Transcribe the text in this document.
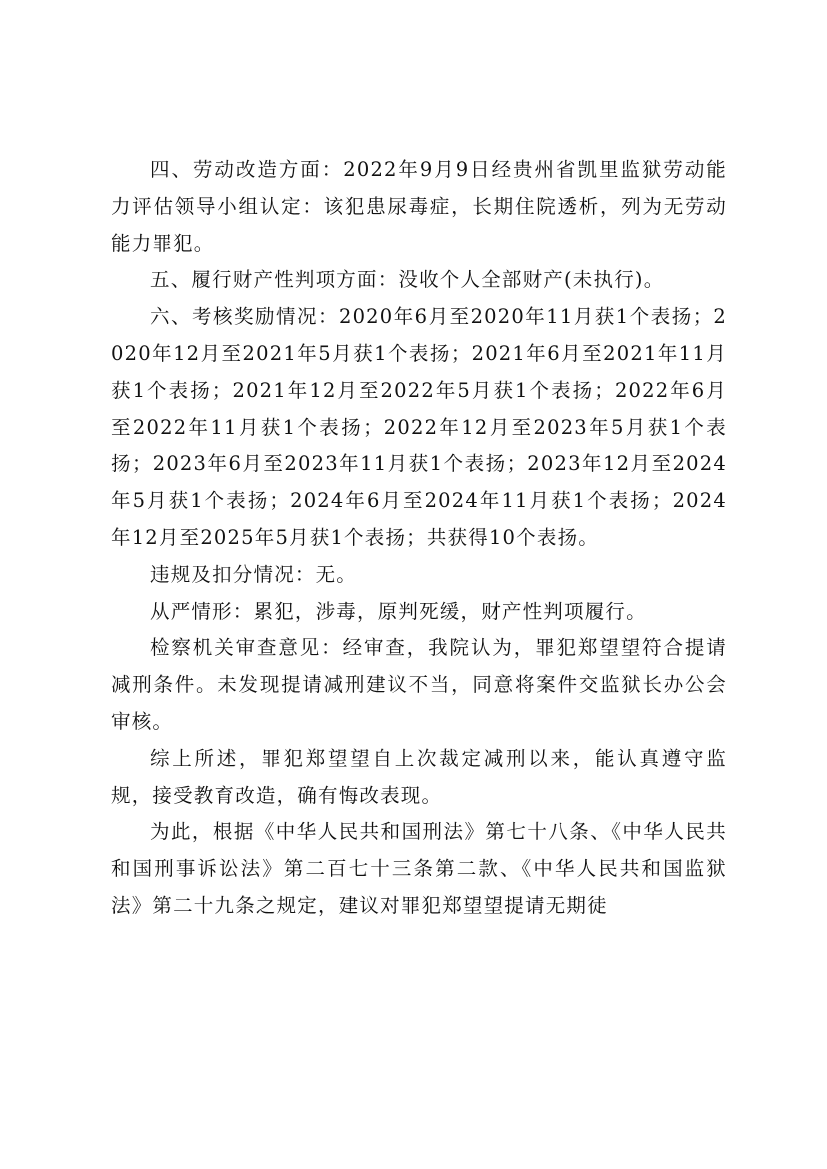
四、劳动改造方面：2022年9月9日经贵州省凯里监狱劳动能力评估领导小组认定：该犯患尿毒症，长期住院透析，列为无劳动能力罪犯。

五、履行财产性判项方面：没收个人全部财产(未执行)。

六、考核奖励情况：2020年6月至2020年11月获1个表扬；2020年12月至2021年5月获1个表扬；2021年6月至2021年11月获1个表扬；2021年12月至2022年5月获1个表扬；2022年6月至2022年11月获1个表扬；2022年12月至2023年5月获1个表扬；2023年6月至2023年11月获1个表扬；2023年12月至2024年5月获1个表扬；2024年6月至2024年11月获1个表扬；2024年12月至2025年5月获1个表扬；共获得10个表扬。

违规及扣分情况：无。

从严情形：累犯，涉毒，原判死缓，财产性判项履行。

检察机关审查意见：经审查，我院认为，罪犯郑望望符合提请减刑条件。未发现提请减刑建议不当，同意将案件交监狱长办公会审核。

综上所述，罪犯郑望望自上次裁定减刑以来，能认真遵守监规，接受教育改造，确有悔改表现。

为此，根据《中华人民共和国刑法》第七十八条、《中华人民共和国刑事诉讼法》第二百七十三条第二款、《中华人民共和国监狱法》第二十九条之规定，建议对罪犯郑望望提请无期徒
